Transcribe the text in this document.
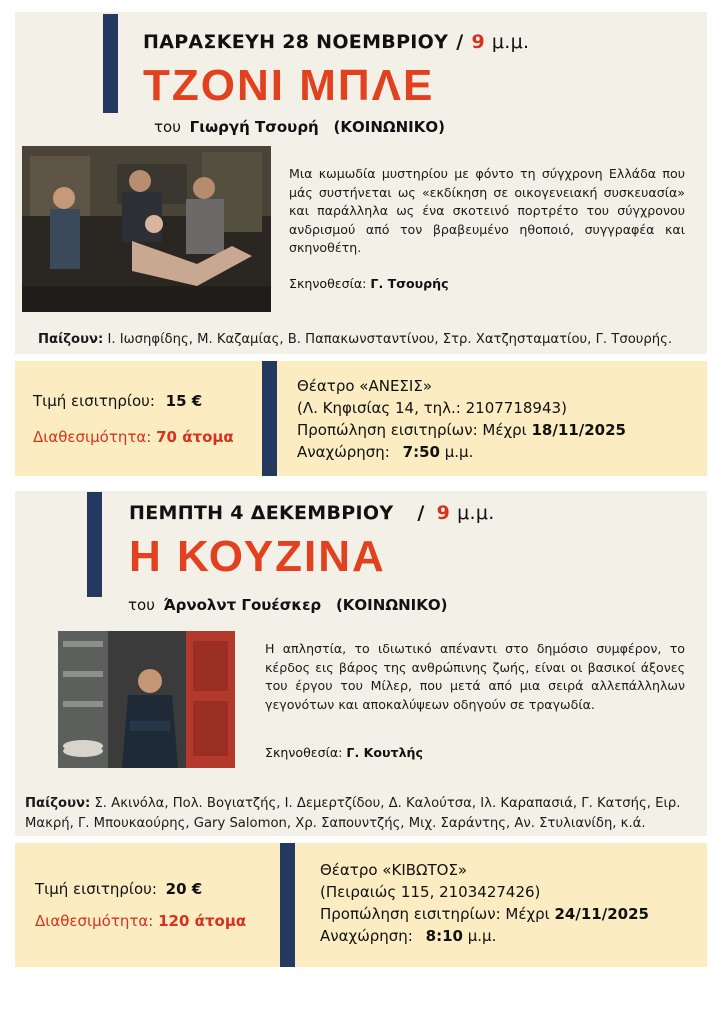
ΠΑΡΑΣΚΕΥΗ 28 ΝΟΕΜΒΡΙΟΥ / 9 μ.μ.
ΤΖΟΝΙ ΜΠΛΕ
του Γιωργή Τσουρή (ΚΟΙΝΩΝΙΚΟ)
Μια κωμωδία μυστηρίου με φόντο τη σύγχρονη Ελλάδα που μάς συστήνεται ως «εκδίκηση σε οικογενειακή συσκευασία» και παράλληλα ως ένα σκοτεινό πορτρέτο του σύγχρονου ανδρισμού από τον βραβευμένο ηθοποιό, συγγραφέα και σκηνοθέτη.
Σκηνοθεσία: Γ. Τσουρής
Παίζουν: Ι. Ιωσηφίδης, Μ. Καζαμίας, Β. Παπακωνσταντίνου, Στρ. Χατζησταματίου, Γ. Τσουρής.
Τιμή εισιτηρίου: 15 €
Διαθεσιμότητα: 70 άτομα
Θέατρο «ΑΝΕΣΙΣ»
(Λ. Κηφισίας 14, τηλ.: 2107718943)
Προπώληση εισιτηρίων: Μέχρι 18/11/2025
Αναχώρηση: 7:50 μ.μ.
ΠΕΜΠΤΗ 4 ΔΕΚΕΜΒΡΙΟΥ / 9 μ.μ.
Η ΚΟΥΖΙΝΑ
του Άρνολντ Γουέσκερ (ΚΟΙΝΩΝΙΚΟ)
Η απληστία, το ιδιωτικό απέναντι στο δημόσιο συμφέρον, το κέρδος εις βάρος της ανθρώπινης ζωής, είναι οι βασικοί άξονες του έργου του Μίλερ, που μετά από μια σειρά αλλεπάλληλων γεγονότων και αποκαλύψεων οδηγούν σε τραγωδία.
Σκηνοθεσία: Γ. Κουτλής
Παίζουν: Σ. Ακινόλα, Πολ. Βογιατζής, Ι. Δεμερτζίδου, Δ. Καλούτσα, Ιλ. Καραπασιά, Γ. Κατσής, Ειρ. Μακρή, Γ. Μπουκαούρης, Gary Salomon, Χρ. Σαπουντζής, Μιχ. Σαράντης, Αν. Στυλιανίδη, κ.ά.
Τιμή εισιτηρίου: 20 €
Διαθεσιμότητα: 120 άτομα
Θέατρο «ΚΙΒΩΤΟΣ»
(Πειραιώς 115, 2103427426)
Προπώληση εισιτηρίων: Μέχρι 24/11/2025
Αναχώρηση: 8:10 μ.μ.
